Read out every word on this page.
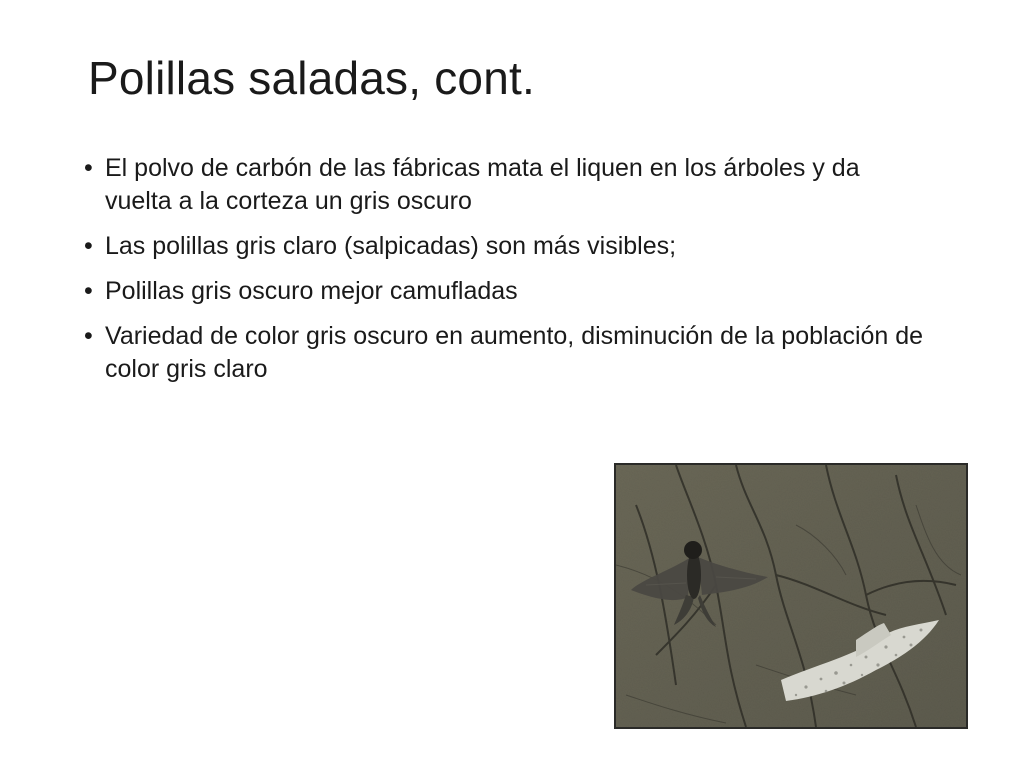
Polillas saladas, cont.
• El polvo de carbón de las fábricas mata el liquen en los árboles y da vuelta a la corteza un gris oscuro
• Las polillas gris claro (salpicadas) son más visibles;
• Polillas gris oscuro mejor camufladas
• Variedad de color gris oscuro en aumento, disminución de la población de color gris claro
